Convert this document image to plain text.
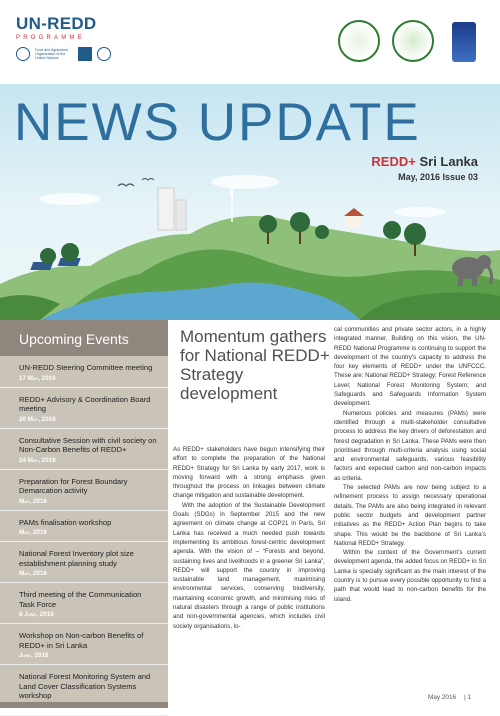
UN-REDD
PROGRAMME
Food and Agriculture Organization of the United Nations
NEWS UPDATE
REDD+ Sri Lanka
May, 2016 Issue 03
Upcoming Events
UN-REDD Steering Committee meeting
17 May, 2016
REDD+ Advisory & Coordination Board meeting
20 May, 2016
Consultative Session with civil society on Non-Carbon Benefits of REDD+
24 May, 2016
Preparation for Forest Boundary Demarcation activity
May, 2016
PAMs finalisation workshop
May, 2016
National Forest Inventory plot size establishment planning study
May, 2016
Third meeting of the Communication Task Force
8 June, 2016
Workshop on Non-carbon Benefits of REDD+ in Sri Lanka
June, 2016
National Forest Monitoring System and Land Cover Classification Systems workshop
Momentum gathers for National REDD+ Strategy development

As REDD+ stakeholders have begun intensifying their effort to complete the preparation of the National REDD+ Strategy for Sri Lanka by early 2017, work is moving forward with a strong emphasis given throughout the process on linkages between climate change mitigation and sustainable development.

With the adoption of the Sustainable Development Goals (SDGs) in September 2015 and the new agreement on climate change at COP21 in Paris, Sri Lanka has received a much needed push towards implementing its ambitious forest-centric development agenda. With the vision of – “Forests and beyond, sustaining lives and livelihoods in a greener Sri Lanka”, REDD+ will support the country in improving sustainable land management, maximising environmental services, conserving biodiversity, maintaining economic growth, and minimising risks of natural disasters through a range of public institutions and non-governmental agencies, which includes civil society organisations, lo-

cal communities and private sector actors, in a highly integrated manner. Building on this vision, the UN-REDD National Programme is continuing to support the development of the country’s capacity to address the four key elements of REDD+ under the UNFCCC. These are: National REDD+ Strategy; Forest Reference Level; National Forest Monitoring System; and Safeguards and Safeguards Information System development.

Numerous policies and measures (PAMs) were identified through a multi-stakeholder consultative process to address the key drivers of deforestation and forest degradation in Sri Lanka. These PAMs were then prioritised through multi-criteria analysis using social and environmental safeguards, various feasibility factors and expected carbon and non-carbon impacts as criteria.

The selected PAMs are now being subject to a refinement process to assign necessary operational details. The PAMs are also being integrated in relevant public sector budgets and development partner initiatives as the REDD+ Action Plan begins to take shape. This would be the backbone of Sri Lanka’s National REDD+ Strategy.

Within the context of the Government’s current development agenda, the added focus on REDD+ in Sri Lanka is specially significant as the main interest of the country is to pursue every possible opportunity to find a path that would lead to non-carbon benefits for the island.

May 2016 | 1
